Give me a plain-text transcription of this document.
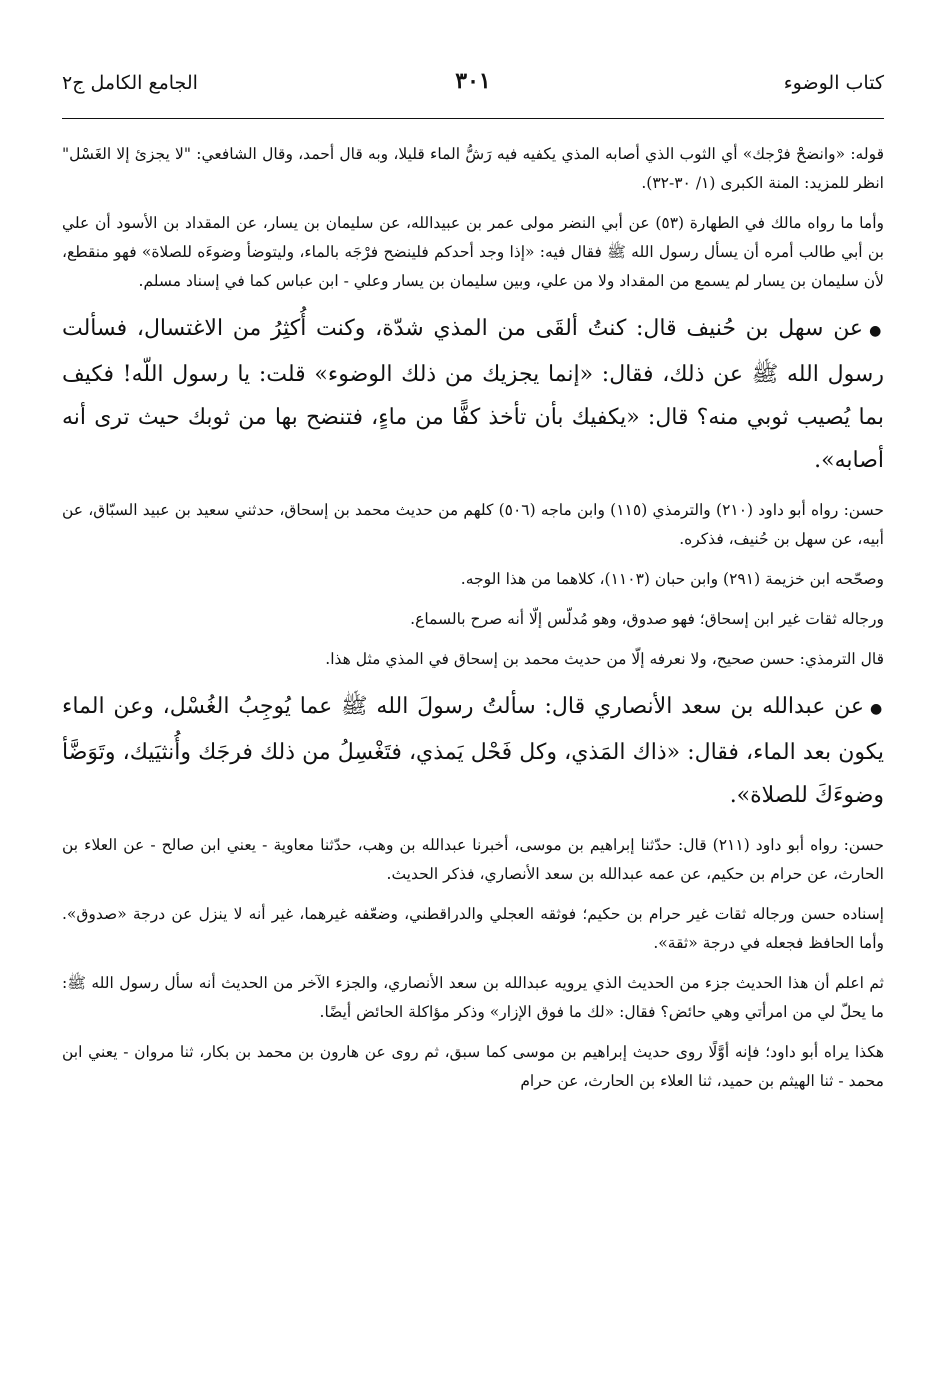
كتاب الوضوء
٣٠١
الجامع الكامل ج٢

قوله: «وانضحْ فرْجك» أي الثوب الذي أصابه المذي يكفيه فيه رَشُّ الماء قليلا، وبه قال أحمد، وقال الشافعي: "لا يجزئ إلا الغَسْل" انظر للمزيد: المنة الكبرى (١/ ٣٠-٣٢).

وأما ما رواه مالك في الطهارة (٥٣) عن أبي النضر مولى عمر بن عبيدالله، عن سليمان بن يسار، عن المقداد بن الأسود أن علي بن أبي طالب أمره أن يسأل رسول الله ﷺ فقال فيه: «إذا وجد أحدكم فلينضح فرْجَه بالماء، وليتوضأ وضوءَه للصلاة» فهو منقطع، لأن سليمان بن يسار لم يسمع من المقداد ولا من علي، وبين سليمان بن يسار وعلي - ابن عباس كما في إسناد مسلم.

●عن سهل بن حُنيف قال: كنتُ ألقَى من المذي شدّة، وكنت أُكثِرُ من الاغتسال، فسألت رسول الله ﷺ عن ذلك، فقال: «إنما يجزيك من ذلك الوضوء» قلت: يا رسول اللّه! فكيف بما يُصيب ثوبي منه؟ قال: «يكفيك بأن تأخذ كفًّا من ماءٍ، فتنضح بها من ثوبك حيث ترى أنه أصابه».

حسن: رواه أبو داود (٢١٠) والترمذي (١١٥) وابن ماجه (٥٠٦) كلهم من حديث محمد بن إسحاق، حدثني سعيد بن عبيد السبّاق، عن أبيه، عن سهل بن حُنيف، فذكره.

وصحّحه ابن خزيمة (٢٩١) وابن حبان (١١٠٣)، كلاهما من هذا الوجه.

ورجاله ثقات غير ابن إسحاق؛ فهو صدوق، وهو مُدلّس إلّا أنه صرح بالسماع.

قال الترمذي: حسن صحيح، ولا نعرفه إلّا من حديث محمد بن إسحاق في المذي مثل هذا.

●عن عبدالله بن سعد الأنصاري قال: سألتُ رسولَ الله ﷺ عما يُوجِبُ الغُسْل، وعن الماء يكون بعد الماء، فقال: «ذاك المَذي، وكل فَحْل يَمذي، فتَغْسِلُ من ذلك فرجَك وأُنثيَيك، وتَوَضَّأ وضوءَكَ للصلاة».

حسن: رواه أبو داود (٢١١) قال: حدّثنا إبراهيم بن موسى، أخبرنا عبدالله بن وهب، حدّثنا معاوية - يعني ابن صالح - عن العلاء بن الحارث، عن حرام بن حكيم، عن عمه عبدالله بن سعد الأنصاري، فذكر الحديث.

إسناده حسن ورجاله ثقات غير حرام بن حكيم؛ فوثقه العجلي والدراقطني، وضعّفه غيرهما، غير أنه لا ينزل عن درجة «صدوق». وأما الحافظ فجعله في درجة «ثقة».

ثم اعلم أن هذا الحديث جزء من الحديث الذي يرويه عبدالله بن سعد الأنصاري، والجزء الآخر من الحديث أنه سأل رسول الله ﷺ: ما يحلّ لي من امرأتي وهي حائض؟ فقال: «لك ما فوق الإزار» وذكر مؤاكلة الحائض أيضًا.

هكذا يراه أبو داود؛ فإنه أوَّلًا روى حديث إبراهيم بن موسى كما سبق، ثم روى عن هارون بن محمد بن بكار، ثنا مروان - يعني ابن محمد - ثنا الهيثم بن حميد، ثنا العلاء بن الحارث، عن حرام
